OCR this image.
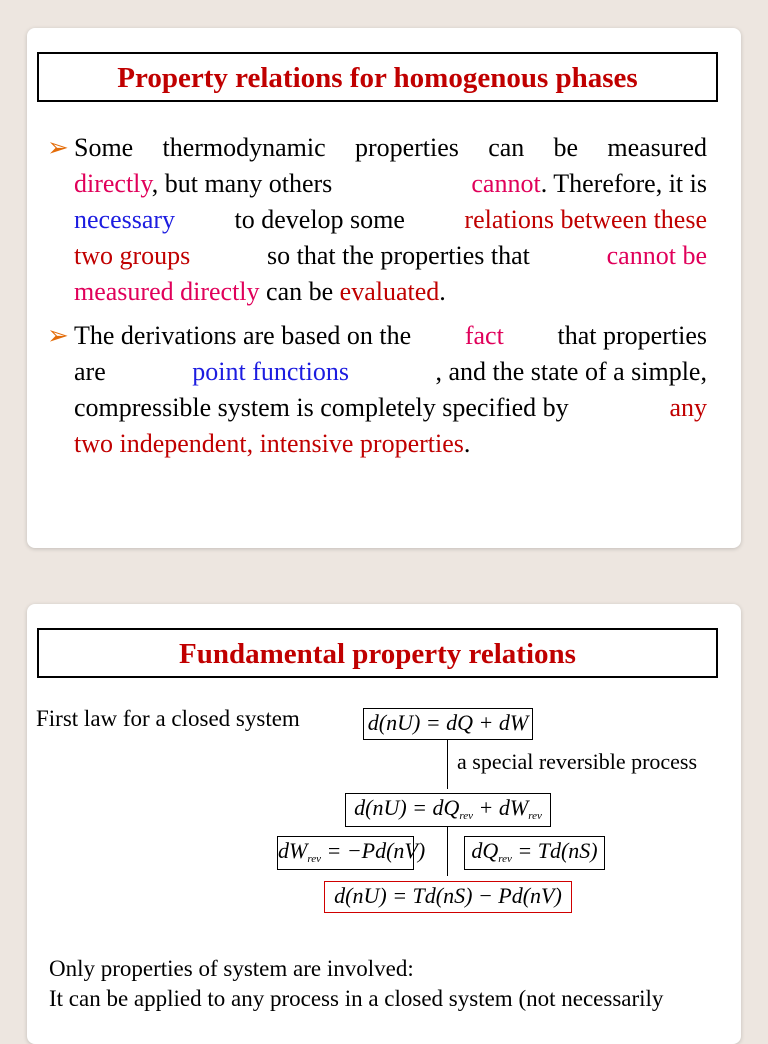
Property relations for homogenous phases
➢ Some thermodynamic properties can be measured
directly, but many others	cannot. Therefore, it is
necessary to develop some relations between these
two groups	so that the properties that	cannot be
measured directly
can be
evaluated .
➢ The derivations are based on the fact that properties
are	point functions	, and the state of a simple,
compressible system is completely specified by	any
two independent, intensive properties .
Fundamental property relations
First law for a closed system	d(nU) = dQ + dW
a special reversible process
$d(nU) = dQ_{rev} + dW_{rev}$
$dW_{rev} = -Pd(nV)$	$dQ_{rev} = Td(nS)$
d(nU) = Td(nS) − Pd(nV)
Only properties of system are involved:
It can be applied to any process in a closed system (not necessarily
